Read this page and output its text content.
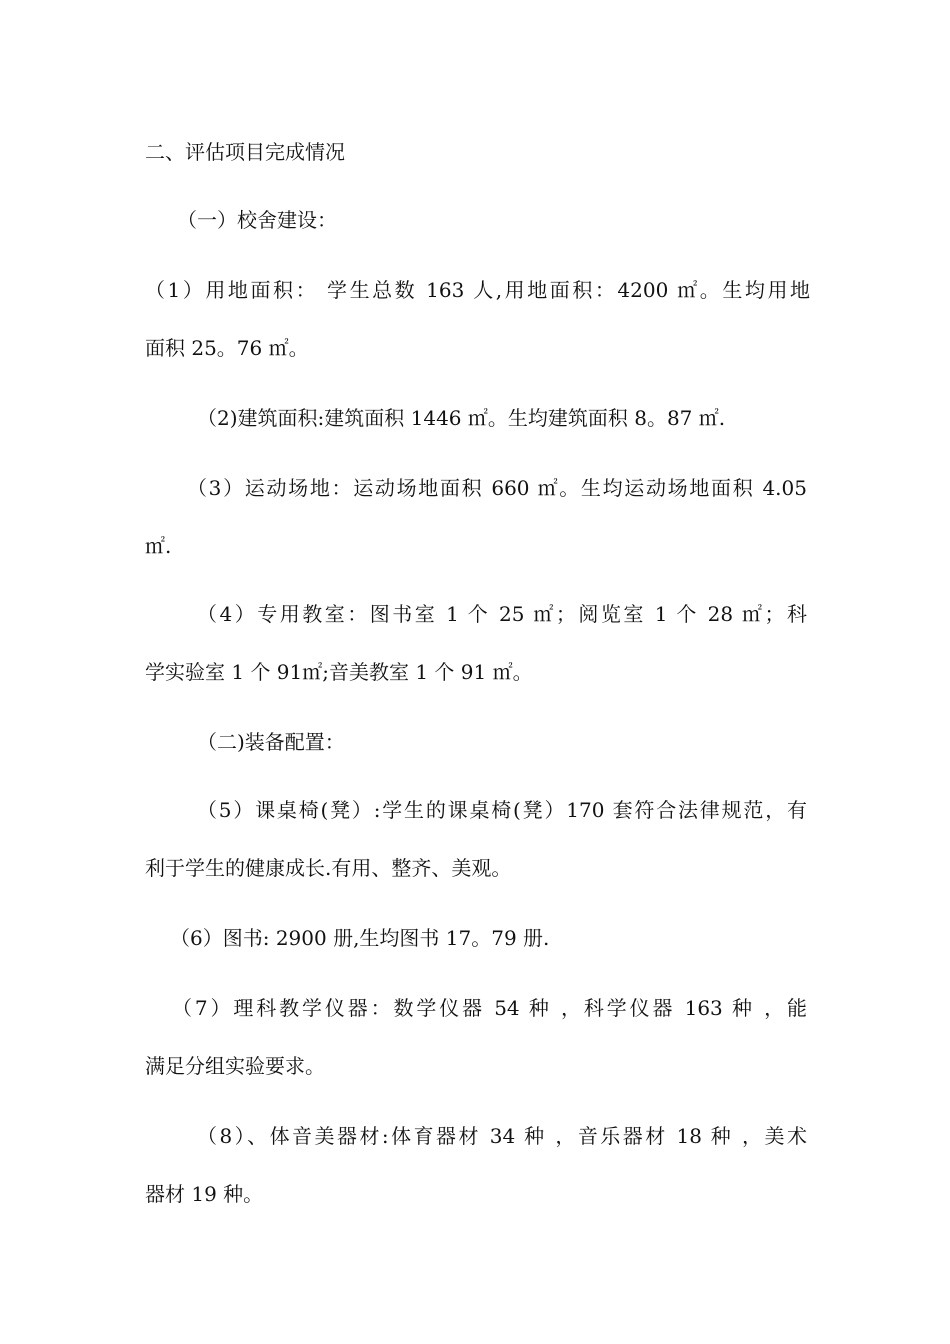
二、评估项目完成情况
（一）校舍建设：
（1）用地面积： 学生总数 163 人,用地面积：4200 ㎡。生均用地
面积 25。76 ㎡。
（2)建筑面积:建筑面积 1446 ㎡。生均建筑面积 8。87 ㎡.
（3）运动场地：运动场地面积 660 ㎡。生均运动场地面积 4.05
㎡.
（4）专用教室：图书室 1 个 25 ㎡；阅览室 1 个 28 ㎡；科
学实验室 1 个 91㎡;音美教室 1 个 91 ㎡。
（二)装备配置：
（5）课桌椅(凳）:学生的课桌椅(凳）170 套符合法律规范，有
利于学生的健康成长.有用、整齐、美观。
（6）图书: 2900 册,生均图书 17。79 册.
（7）理科教学仪器：数学仪器 54 种 ，科学仪器 163 种 ，能
满足分组实验要求。
（8）、体音美器材:体育器材 34 种 ，音乐器材 18 种 ，美术
器材 19 种。
